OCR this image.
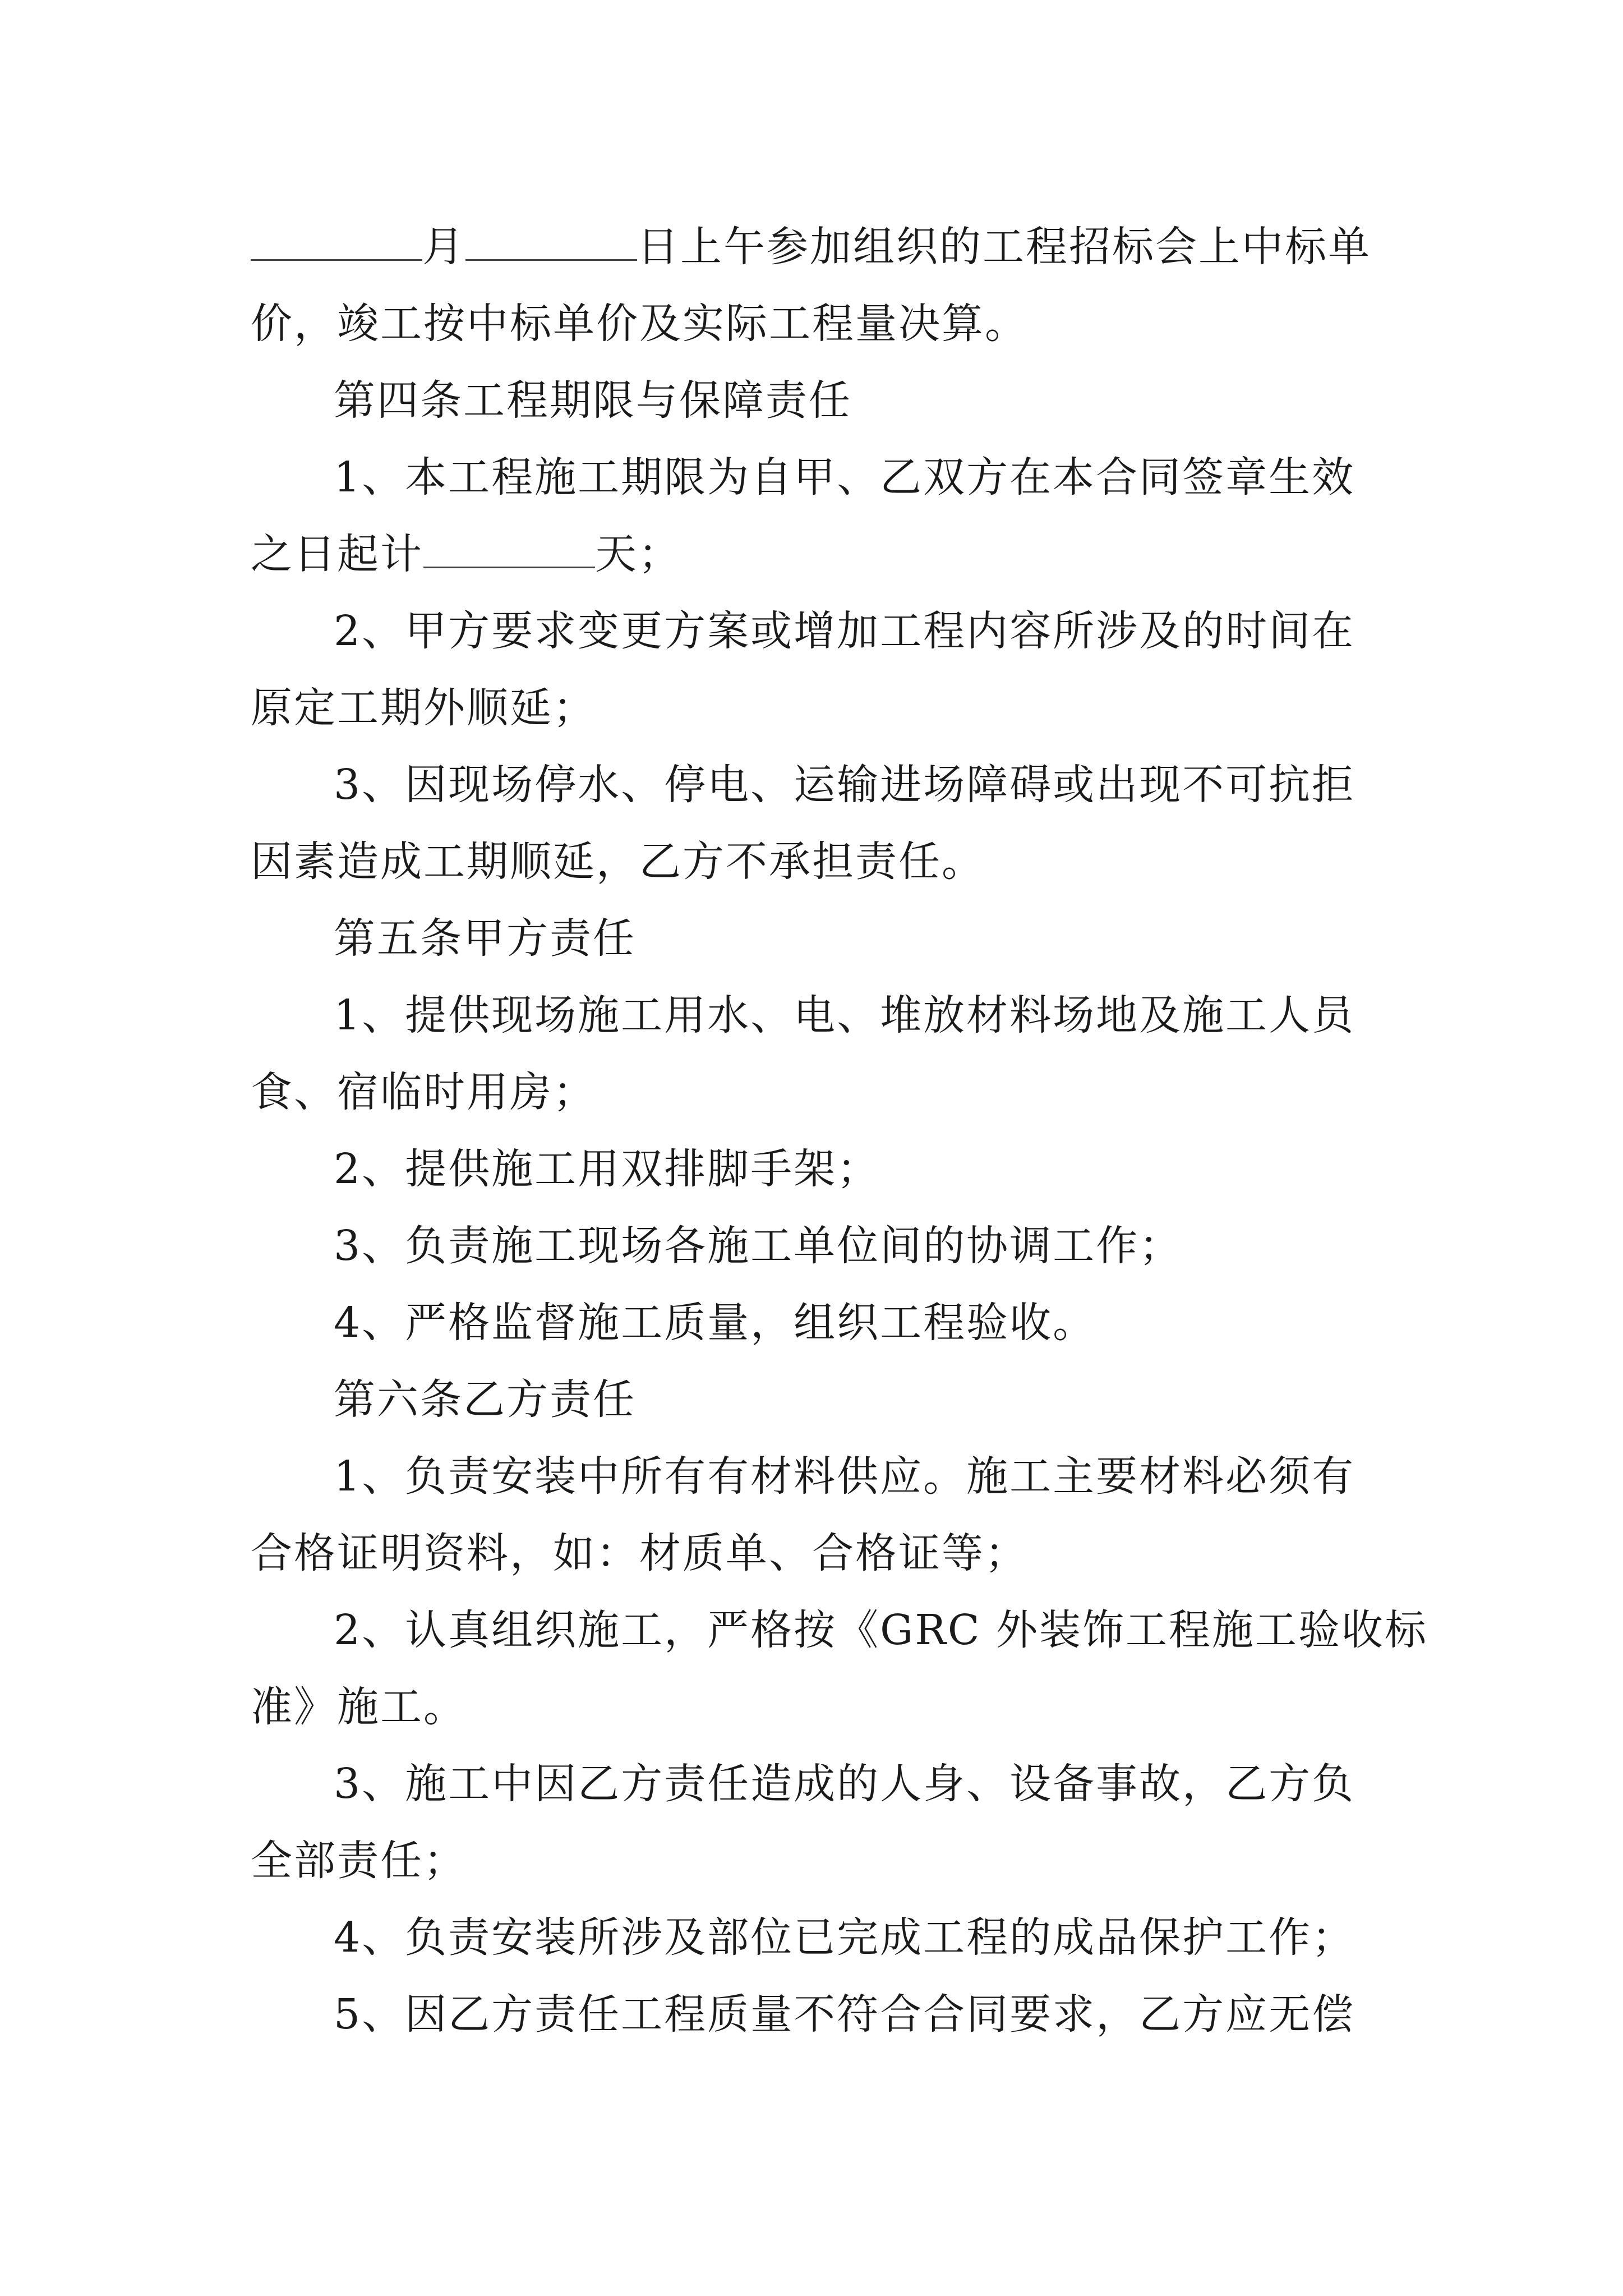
月	日上午参加组织的工程招标会上中标单
价，竣工按中标单价及实际工程量决算。
第四条工程期限与保障责任
1、本工程施工期限为自甲、乙双方在本合同签章生效
之日起计	天；
2、甲方要求变更方案或增加工程内容所涉及的时间在
原定工期外顺延；
3、因现场停水、停电、运输进场障碍或出现不可抗拒
因素造成工期顺延，乙方不承担责任。
第五条甲方责任
1、提供现场施工用水、电、堆放材料场地及施工人员
食、宿临时用房；
2、提供施工用双排脚手架；
3、负责施工现场各施工单位间的协调工作；
4、严格监督施工质量，组织工程验收。
第六条乙方责任
1、负责安装中所有有材料供应。施工主要材料必须有
合格证明资料，如：材质单、合格证等；
2、认真组织施工，严格按《GRC 外装饰工程施工验收标
准》施工。
3、施工中因乙方责任造成的人身、设备事故，乙方负
全部责任；
4、负责安装所涉及部位已完成工程的成品保护工作；
5、因乙方责任工程质量不符合合同要求，乙方应无偿
